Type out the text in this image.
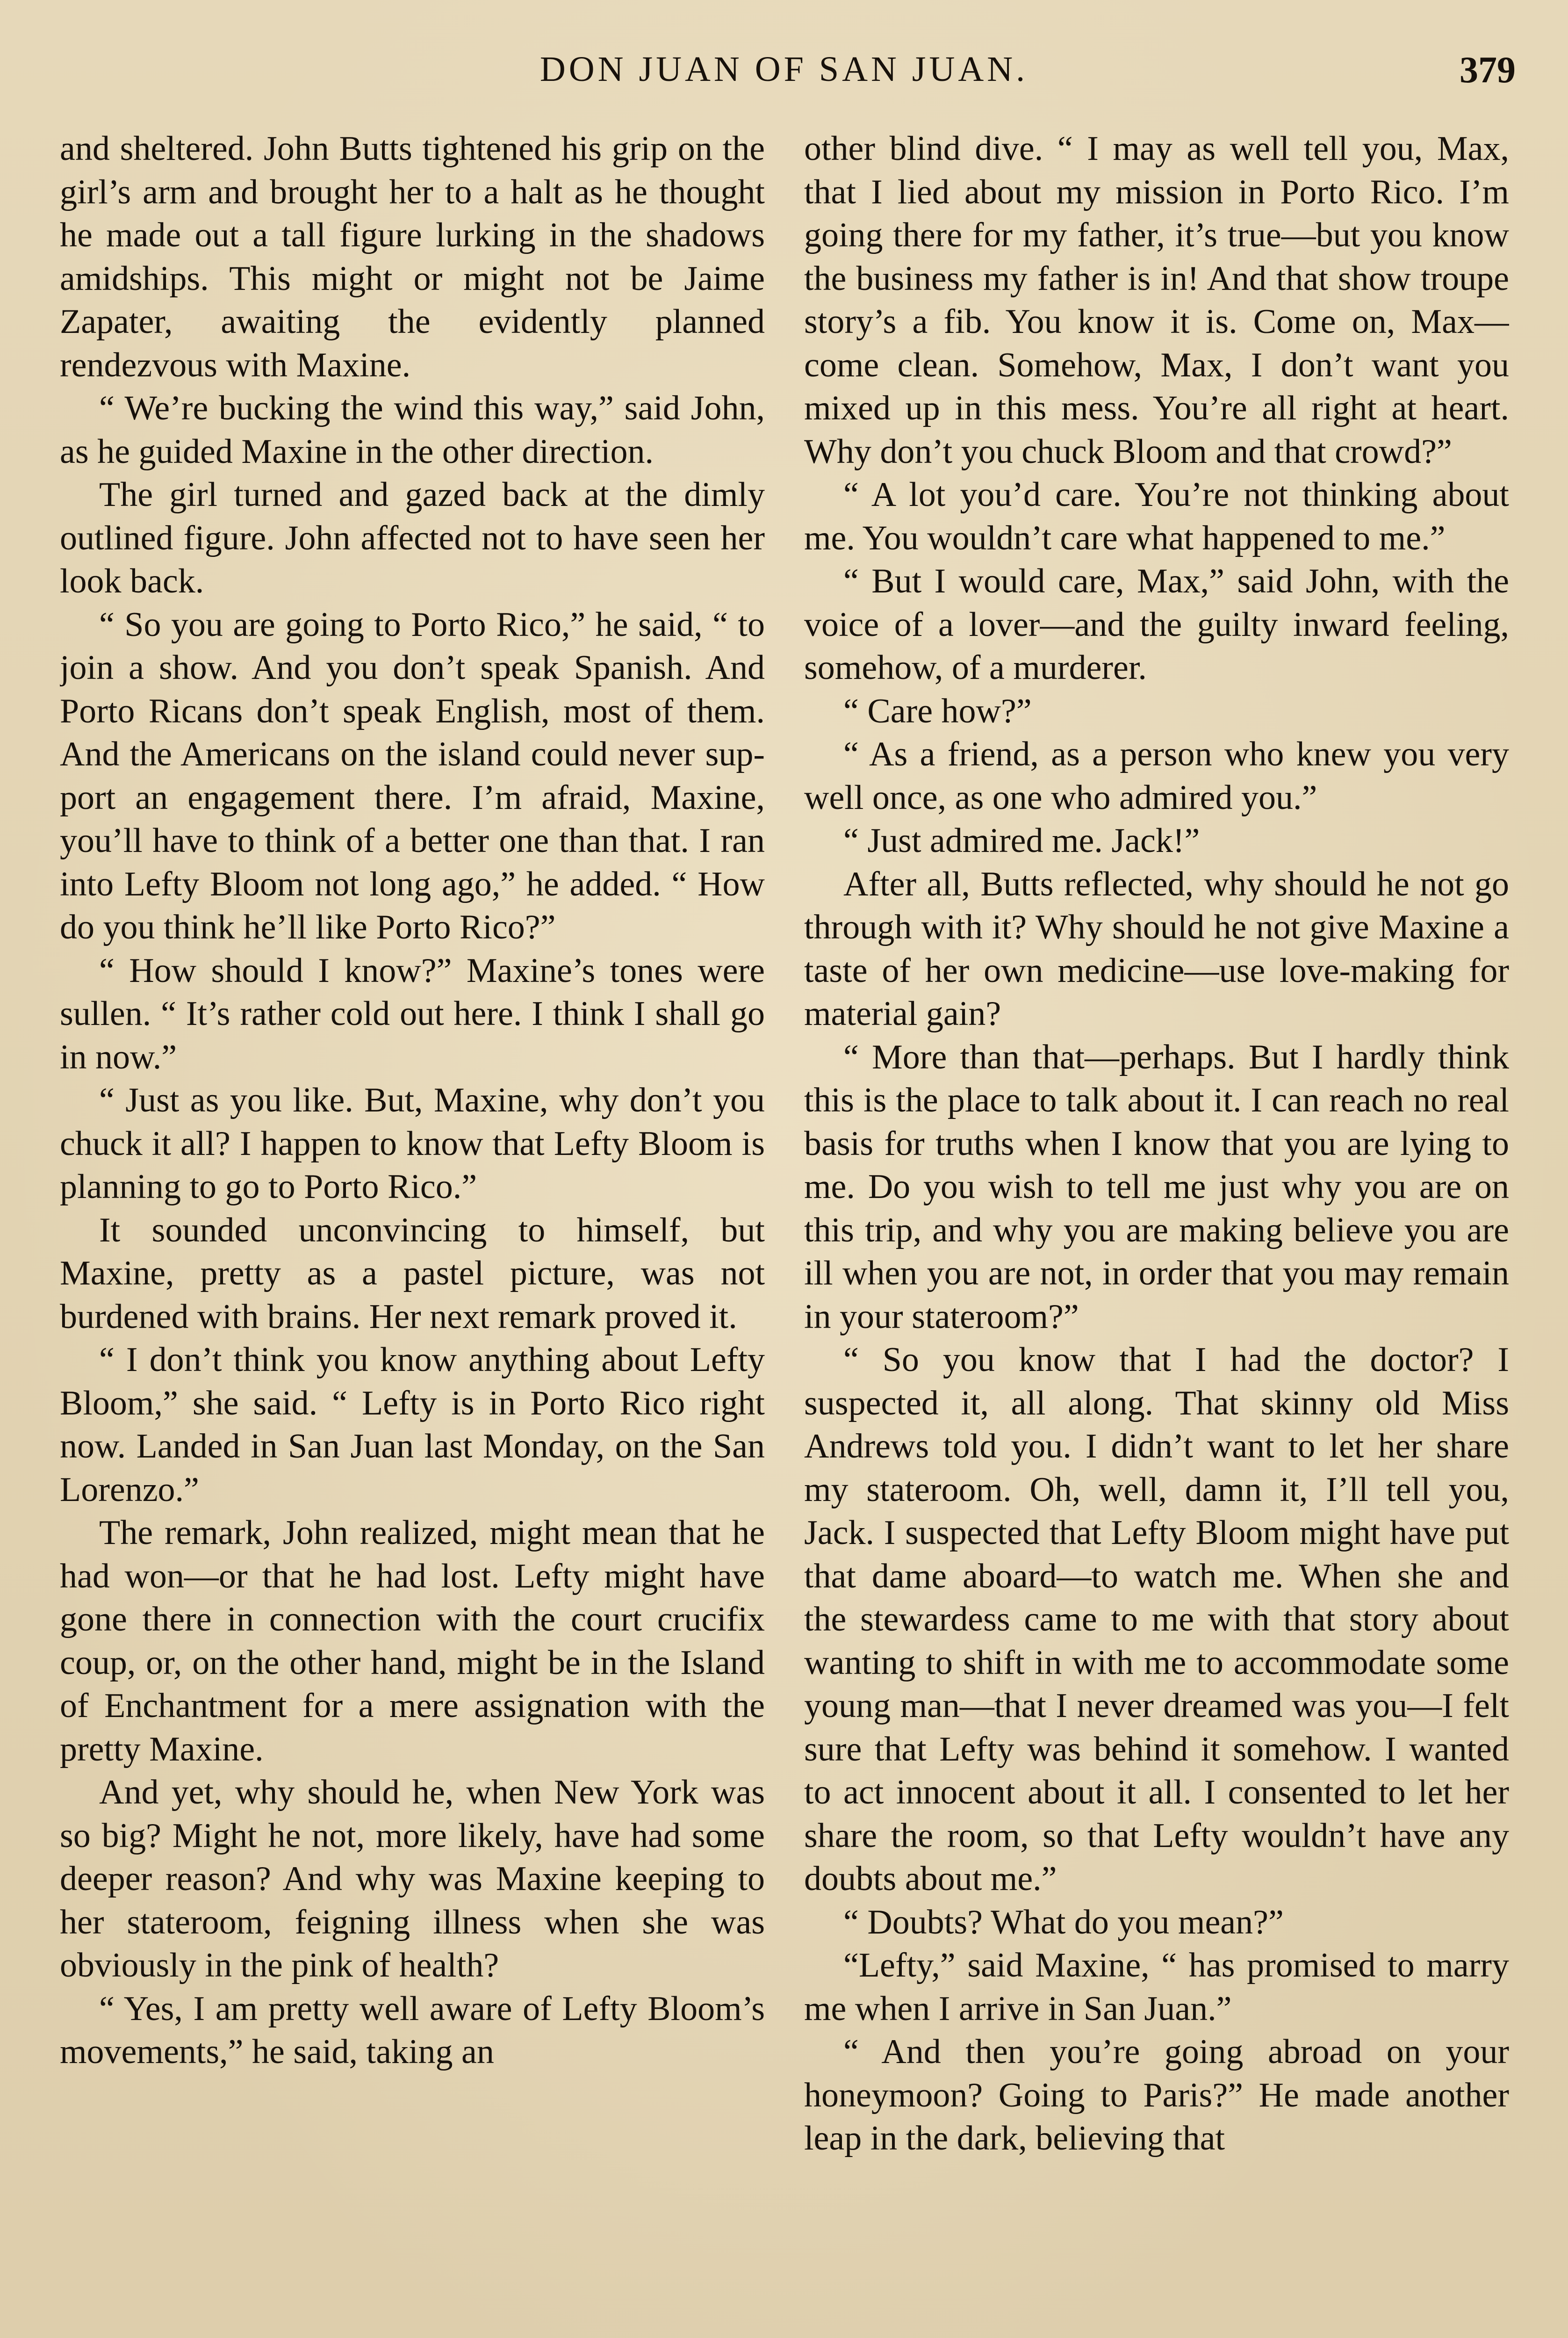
DON JUAN OF SAN JUAN.	379

and sheltered. John Butts tightened his grip on the girl’s arm and brought her to a halt as he thought he made out a tall figure lurking in the shadows amidships. This might or might not be Jaime Zapater, awaiting the evidently planned rendezvous with Maxine.

“ We’re bucking the wind this way,” said John, as he guided Maxine in the other direction.

The girl turned and gazed back at the dimly outlined figure. John affected not to have seen her look back.

“ So you are going to Porto Rico,” he said, “ to join a show. And you don’t speak Spanish. And Porto Ricans don’t speak English, most of them. And the Americans on the island could never support an engagement there. I’m afraid, Maxine, you’ll have to think of a better one than that. I ran into Lefty Bloom not long ago,” he added. “ How do you think he’ll like Porto Rico?”

“ How should I know?” Maxine’s tones were sullen. “ It’s rather cold out here. I think I shall go in now.”

“ Just as you like. But, Maxine, why don’t you chuck it all? I happen to know that Lefty Bloom is planning to go to Porto Rico.”

It sounded unconvincing to himself, but Maxine, pretty as a pastel picture, was not burdened with brains. Her next remark proved it.

“ I don’t think you know anything about Lefty Bloom,” she said. “ Lefty is in Porto Rico right now. Landed in San Juan last Monday, on the San Lorenzo.”

The remark, John realized, might mean that he had won—or that he had lost. Lefty might have gone there in connection with the court crucifix coup, or, on the other hand, might be in the Island of Enchantment for a mere assignation with the pretty Maxine.

And yet, why should he, when New York was so big? Might he not, more likely, have had some deeper reason? And why was Maxine keeping to her stateroom, feigning illness when she was obviously in the pink of health?

“ Yes, I am pretty well aware of Lefty Bloom’s movements,” he said, taking an

other blind dive. “ I may as well tell you, Max, that I lied about my mission in Porto Rico. I’m going there for my father, it’s true—but you know the business my father is in! And that show troupe story’s a fib. You know it is. Come on, Max—come clean. Somehow, Max, I don’t want you mixed up in this mess. You’re all right at heart. Why don’t you chuck Bloom and that crowd?”

“ A lot you’d care. You’re not thinking about me. You wouldn’t care what happened to me.”

“ But I would care, Max,” said John, with the voice of a lover—and the guilty inward feeling, somehow, of a murderer.

“ Care how?”

“ As a friend, as a person who knew you very well once, as one who admired you.”

“ Just admired me. Jack!”

After all, Butts reflected, why should he not go through with it? Why should he not give Maxine a taste of her own medicine—use love-making for material gain?

“ More than that—perhaps. But I hardly think this is the place to talk about it. I can reach no real basis for truths when I know that you are lying to me. Do you wish to tell me just why you are on this trip, and why you are making believe you are ill when you are not, in order that you may remain in your stateroom?”

“ So you know that I had the doctor? I suspected it, all along. That skinny old Miss Andrews told you. I didn’t want to let her share my stateroom. Oh, well, damn it, I’ll tell you, Jack. I suspected that Lefty Bloom might have put that dame aboard—to watch me. When she and the stewardess came to me with that story about wanting to shift in with me to accommodate some young man—that I never dreamed was you—I felt sure that Lefty was behind it somehow. I wanted to act innocent about it all. I consented to let her share the room, so that Lefty wouldn’t have any doubts about me.”

“ Doubts? What do you mean?”

“Lefty,” said Maxine, “ has promised to marry me when I arrive in San Juan.”

“ And then you’re going abroad on your honeymoon? Going to Paris?” He made another leap in the dark, believing that
